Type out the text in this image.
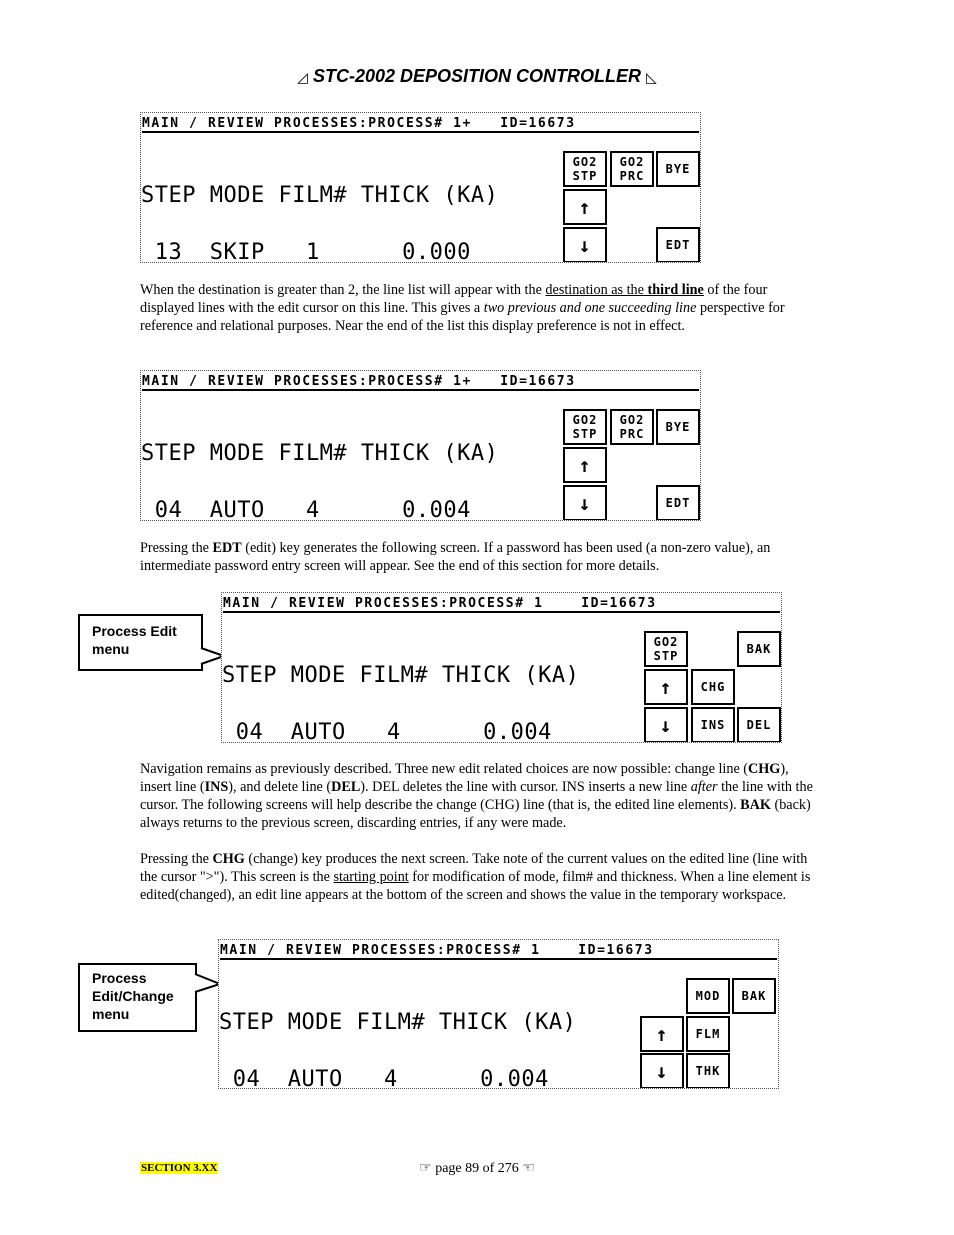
◿ STC-2002 DEPOSITION CONTROLLER ◺
MAIN / REVIEW PROCESSES:PROCESS# 1+   ID=16673

STEP MODE FILM# THICK (KA)

13  SKIP   1      0.000

GO2
STP
GO2
PRC BYE
↑
↓	EDT
When the destination is greater than 2, the line list will appear with the destination as the third line of the four displayed lines with the edit cursor on this line. This gives a two previous and one succeeding line perspective for reference and relational purposes. Near the end of the list this display preference is not in effect.
MAIN / REVIEW PROCESSES:PROCESS# 1+   ID=16673

STEP MODE FILM# THICK (KA)

04  AUTO   4      0.004

GO2
STP
GO2
PRC BYE
↑
↓	EDT
Pressing the EDT (edit) key generates the following screen. If a password has been used (a non-zero value), an intermediate password entry screen will appear. See the end of this section for more details.
Process Edit
menu
MAIN / REVIEW PROCESSES:PROCESS# 1    ID=16673

STEP MODE FILM# THICK (KA)

04  AUTO   4      0.004

GO2
STP	BAK
↑ CHG
↓ INS DEL
Navigation remains as previously described. Three new edit related choices are now possible: change line (CHG), insert line (INS), and delete line (DEL). DEL deletes the line with cursor. INS inserts a new line after the line with the cursor. The following screens will help describe the change (CHG) line (that is, the edited line elements). BAK (back) always returns to the previous screen, discarding entries, if any were made.
Pressing the CHG (change) key produces the next screen. Take note of the current values on the edited line (line with the cursor ">"). This screen is the starting point for modification of mode, film# and thickness. When a line element is edited(changed), an edit line appears at the bottom of the screen and shows the value in the temporary workspace.
Process
Edit/Change
menu
MAIN / REVIEW PROCESSES:PROCESS# 1    ID=16673

STEP MODE FILM# THICK (KA)

04  AUTO   4      0.004

MOD BAK
↑ FLM
↓ THK
SECTION 3.XX	☞ page 89 of 276 ☜
